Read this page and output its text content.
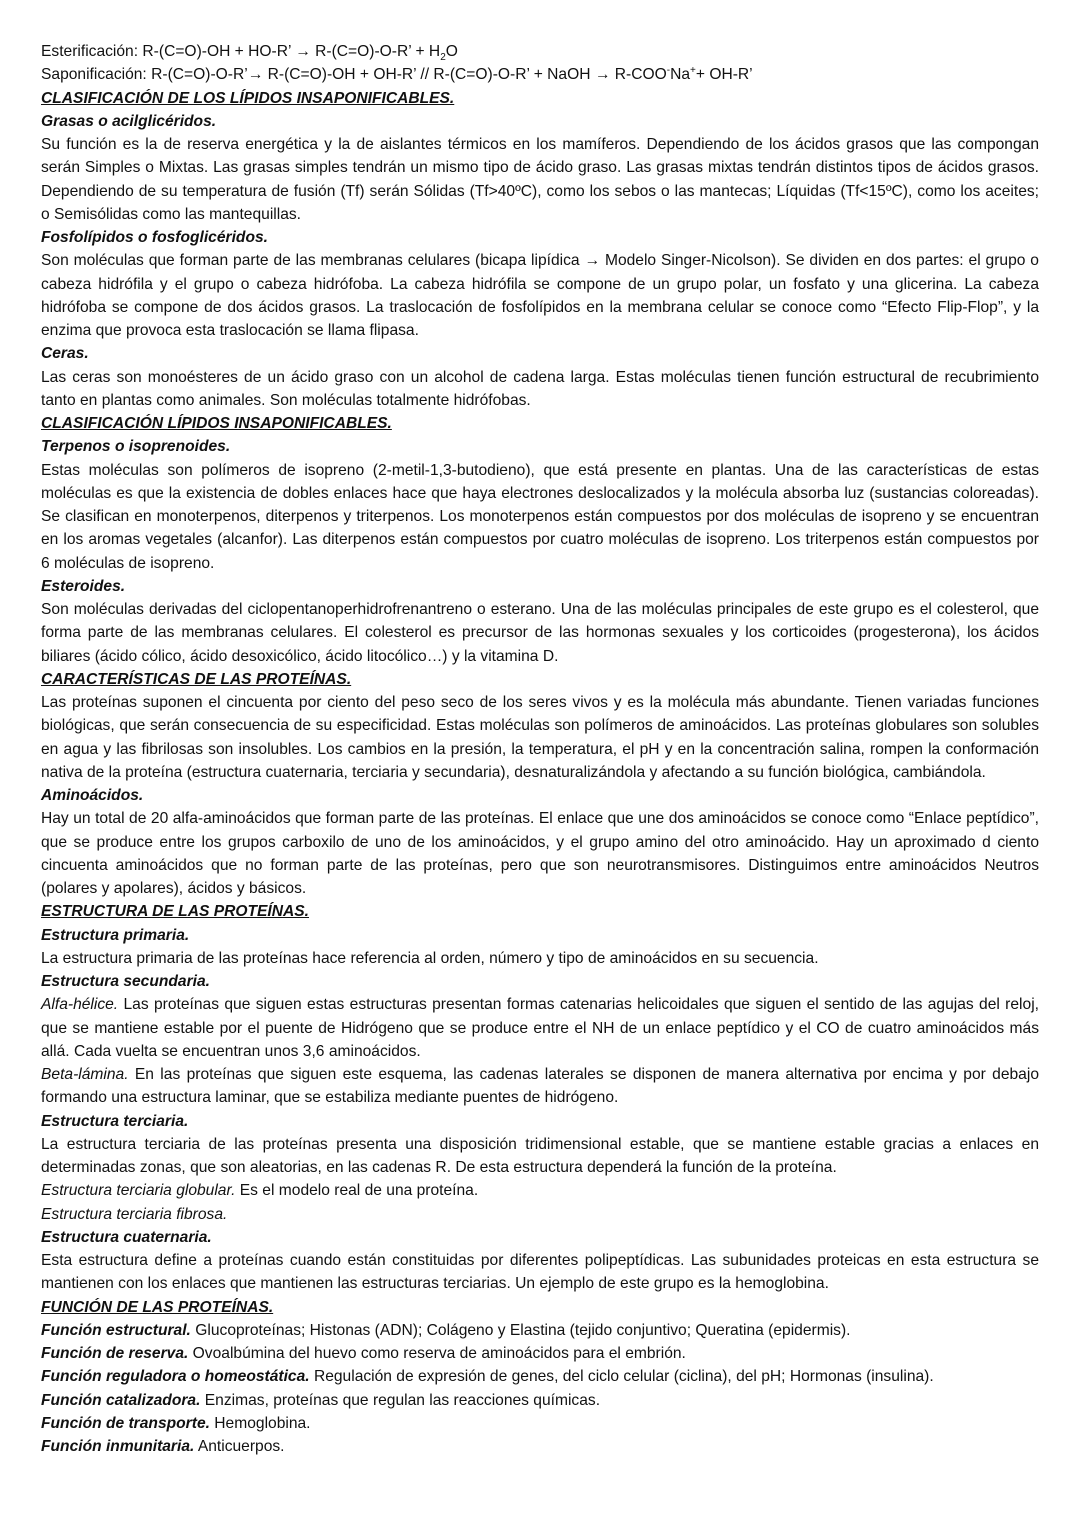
Esterificación: R-(C=O)-OH + HO-R’ → R-(C=O)-O-R’ + $H_2O$
Saponificación: R-(C=O)-O-R’→ R-(C=O)-OH + OH-R’ // R-(C=O)-O-R’ + NaOH → R-COO-Na++ OH-R’
CLASIFICACIÓN DE LOS LÍPIDOS INSAPONIFICABLES.
Grasas o acilglicéridos.
Su función es la de reserva energética y la de aislantes térmicos en los mamíferos. Dependiendo de los ácidos grasos que las compongan serán Simples o Mixtas. Las grasas simples tendrán un mismo tipo de ácido graso. Las grasas mixtas tendrán distintos tipos de ácidos grasos. Dependiendo de su temperatura de fusión (Tf) serán Sólidas (Tf>40ºC), como los sebos o las mantecas; Líquidas (Tf<15ºC), como los aceites; o Semisólidas como las mantequillas.
Fosfolípidos o fosfoglicéridos.
Son moléculas que forman parte de las membranas celulares (bicapa lipídica → Modelo Singer-Nicolson). Se dividen en dos partes: el grupo o cabeza hidrófila y el grupo o cabeza hidrófoba. La cabeza hidrófila se compone de un grupo polar, un fosfato y una glicerina. La cabeza hidrófoba se compone de dos ácidos grasos. La traslocación de fosfolípidos en la membrana celular se conoce como “Efecto Flip-Flop”, y la enzima que provoca esta traslocación se llama flipasa.
Ceras.
Las ceras son monoésteres de un ácido graso con un alcohol de cadena larga. Estas moléculas tienen función estructural de recubrimiento tanto en plantas como animales. Son moléculas totalmente hidrófobas.
CLASIFICACIÓN LÍPIDOS INSAPONIFICABLES.
Terpenos o isoprenoides.
Estas moléculas son polímeros de isopreno (2-metil-1,3-butodieno), que está presente en plantas. Una de las características de estas moléculas es que la existencia de dobles enlaces hace que haya electrones deslocalizados y la molécula absorba luz (sustancias coloreadas). Se clasifican en monoterpenos, diterpenos y triterpenos. Los monoterpenos están compuestos por dos moléculas de isopreno y se encuentran en los aromas vegetales (alcanfor). Las diterpenos están compuestos por cuatro moléculas de isopreno. Los triterpenos están compuestos por 6 moléculas de isopreno.
Esteroides.
Son moléculas derivadas del ciclopentanoperhidrofrenantreno o esterano. Una de las moléculas principales de este grupo es el colesterol, que forma parte de las membranas celulares. El colesterol es precursor de las hormonas sexuales y los corticoides (progesterona), los ácidos biliares (ácido cólico, ácido desoxicólico, ácido litocólico…) y la vitamina D.
CARACTERÍSTICAS DE LAS PROTEÍNAS.
Las proteínas suponen el cincuenta por ciento del peso seco de los seres vivos y es la molécula más abundante. Tienen variadas funciones biológicas, que serán consecuencia de su especificidad. Estas moléculas son polímeros de aminoácidos. Las proteínas globulares son solubles en agua y las fibrilosas son insolubles. Los cambios en la presión, la temperatura, el pH y en la concentración salina, rompen la conformación nativa de la proteína (estructura cuaternaria, terciaria y secundaria), desnaturalizándola y afectando a su función biológica, cambiándola.
Aminoácidos.
Hay un total de 20 alfa-aminoácidos que forman parte de las proteínas. El enlace que une dos aminoácidos se conoce como “Enlace peptídico”, que se produce entre los grupos carboxilo de uno de los aminoácidos, y el grupo amino del otro aminoácido. Hay un aproximado d ciento cincuenta aminoácidos que no forman parte de las proteínas, pero que son neurotransmisores. Distinguimos entre aminoácidos Neutros (polares y apolares), ácidos y básicos.
ESTRUCTURA DE LAS PROTEÍNAS.
Estructura primaria.
La estructura primaria de las proteínas hace referencia al orden, número y tipo de aminoácidos en su secuencia.
Estructura secundaria.
Alfa-hélice. Las proteínas que siguen estas estructuras presentan formas catenarias helicoidales que siguen el sentido de las agujas del reloj, que se mantiene estable por el puente de Hidrógeno que se produce entre el NH de un enlace peptídico y el CO de cuatro aminoácidos más allá. Cada vuelta se encuentran unos 3,6 aminoácidos.
Beta-lámina. En las proteínas que siguen este esquema, las cadenas laterales se disponen de manera alternativa por encima y por debajo formando una estructura laminar, que se estabiliza mediante puentes de hidrógeno.
Estructura terciaria.
La estructura terciaria de las proteínas presenta una disposición tridimensional estable, que se mantiene estable gracias a enlaces en determinadas zonas, que son aleatorias, en las cadenas R. De esta estructura dependerá la función de la proteína.
Estructura terciaria globular. Es el modelo real de una proteína.
Estructura terciaria fibrosa.
Estructura cuaternaria.
Esta estructura define a proteínas cuando están constituidas por diferentes polipeptídicas. Las subunidades proteicas en esta estructura se mantienen con los enlaces que mantienen las estructuras terciarias. Un ejemplo de este grupo es la hemoglobina.
FUNCIÓN DE LAS PROTEÍNAS.
Función estructural. Glucoproteínas; Histonas (ADN); Colágeno y Elastina (tejido conjuntivo; Queratina (epidermis).
Función de reserva. Ovoalbúmina del huevo como reserva de aminoácidos para el embrión.
Función reguladora o homeostática. Regulación de expresión de genes, del ciclo celular (ciclina), del pH; Hormonas (insulina).
Función catalizadora. Enzimas, proteínas que regulan las reacciones químicas.
Función de transporte. Hemoglobina.
Función inmunitaria. Anticuerpos.
